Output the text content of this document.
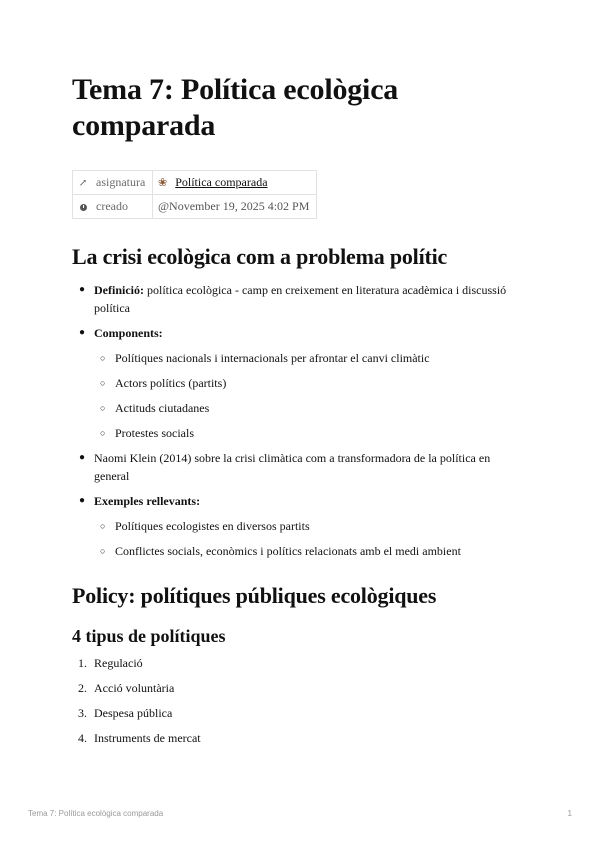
Tema 7: Política ecològica comparada
↗ asignatura	❀ Política comparada
creado	@November 19, 2025 4:02 PM
La crisi ecològica com a problema polític
● Definició: política ecològica - camp en creixement en literatura acadèmica i discussió política
● Components:
○ Polítiques nacionals i internacionals per afrontar el canvi climàtic
○ Actors polítics (partits)
○ Actituds ciutadanes
○ Protestes socials
● Naomi Klein (2014) sobre la crisi climàtica com a transformadora de la política en general
● Exemples rellevants:
○ Polítiques ecologistes en diversos partits
○ Conflictes socials, econòmics i polítics relacionats amb el medi ambient
Policy: polítiques públiques ecològiques
4 tipus de polítiques
1. Regulació
2. Acció voluntària
3. Despesa pública
4. Instruments de mercat
Tema 7: Política ecològica comparada	1
